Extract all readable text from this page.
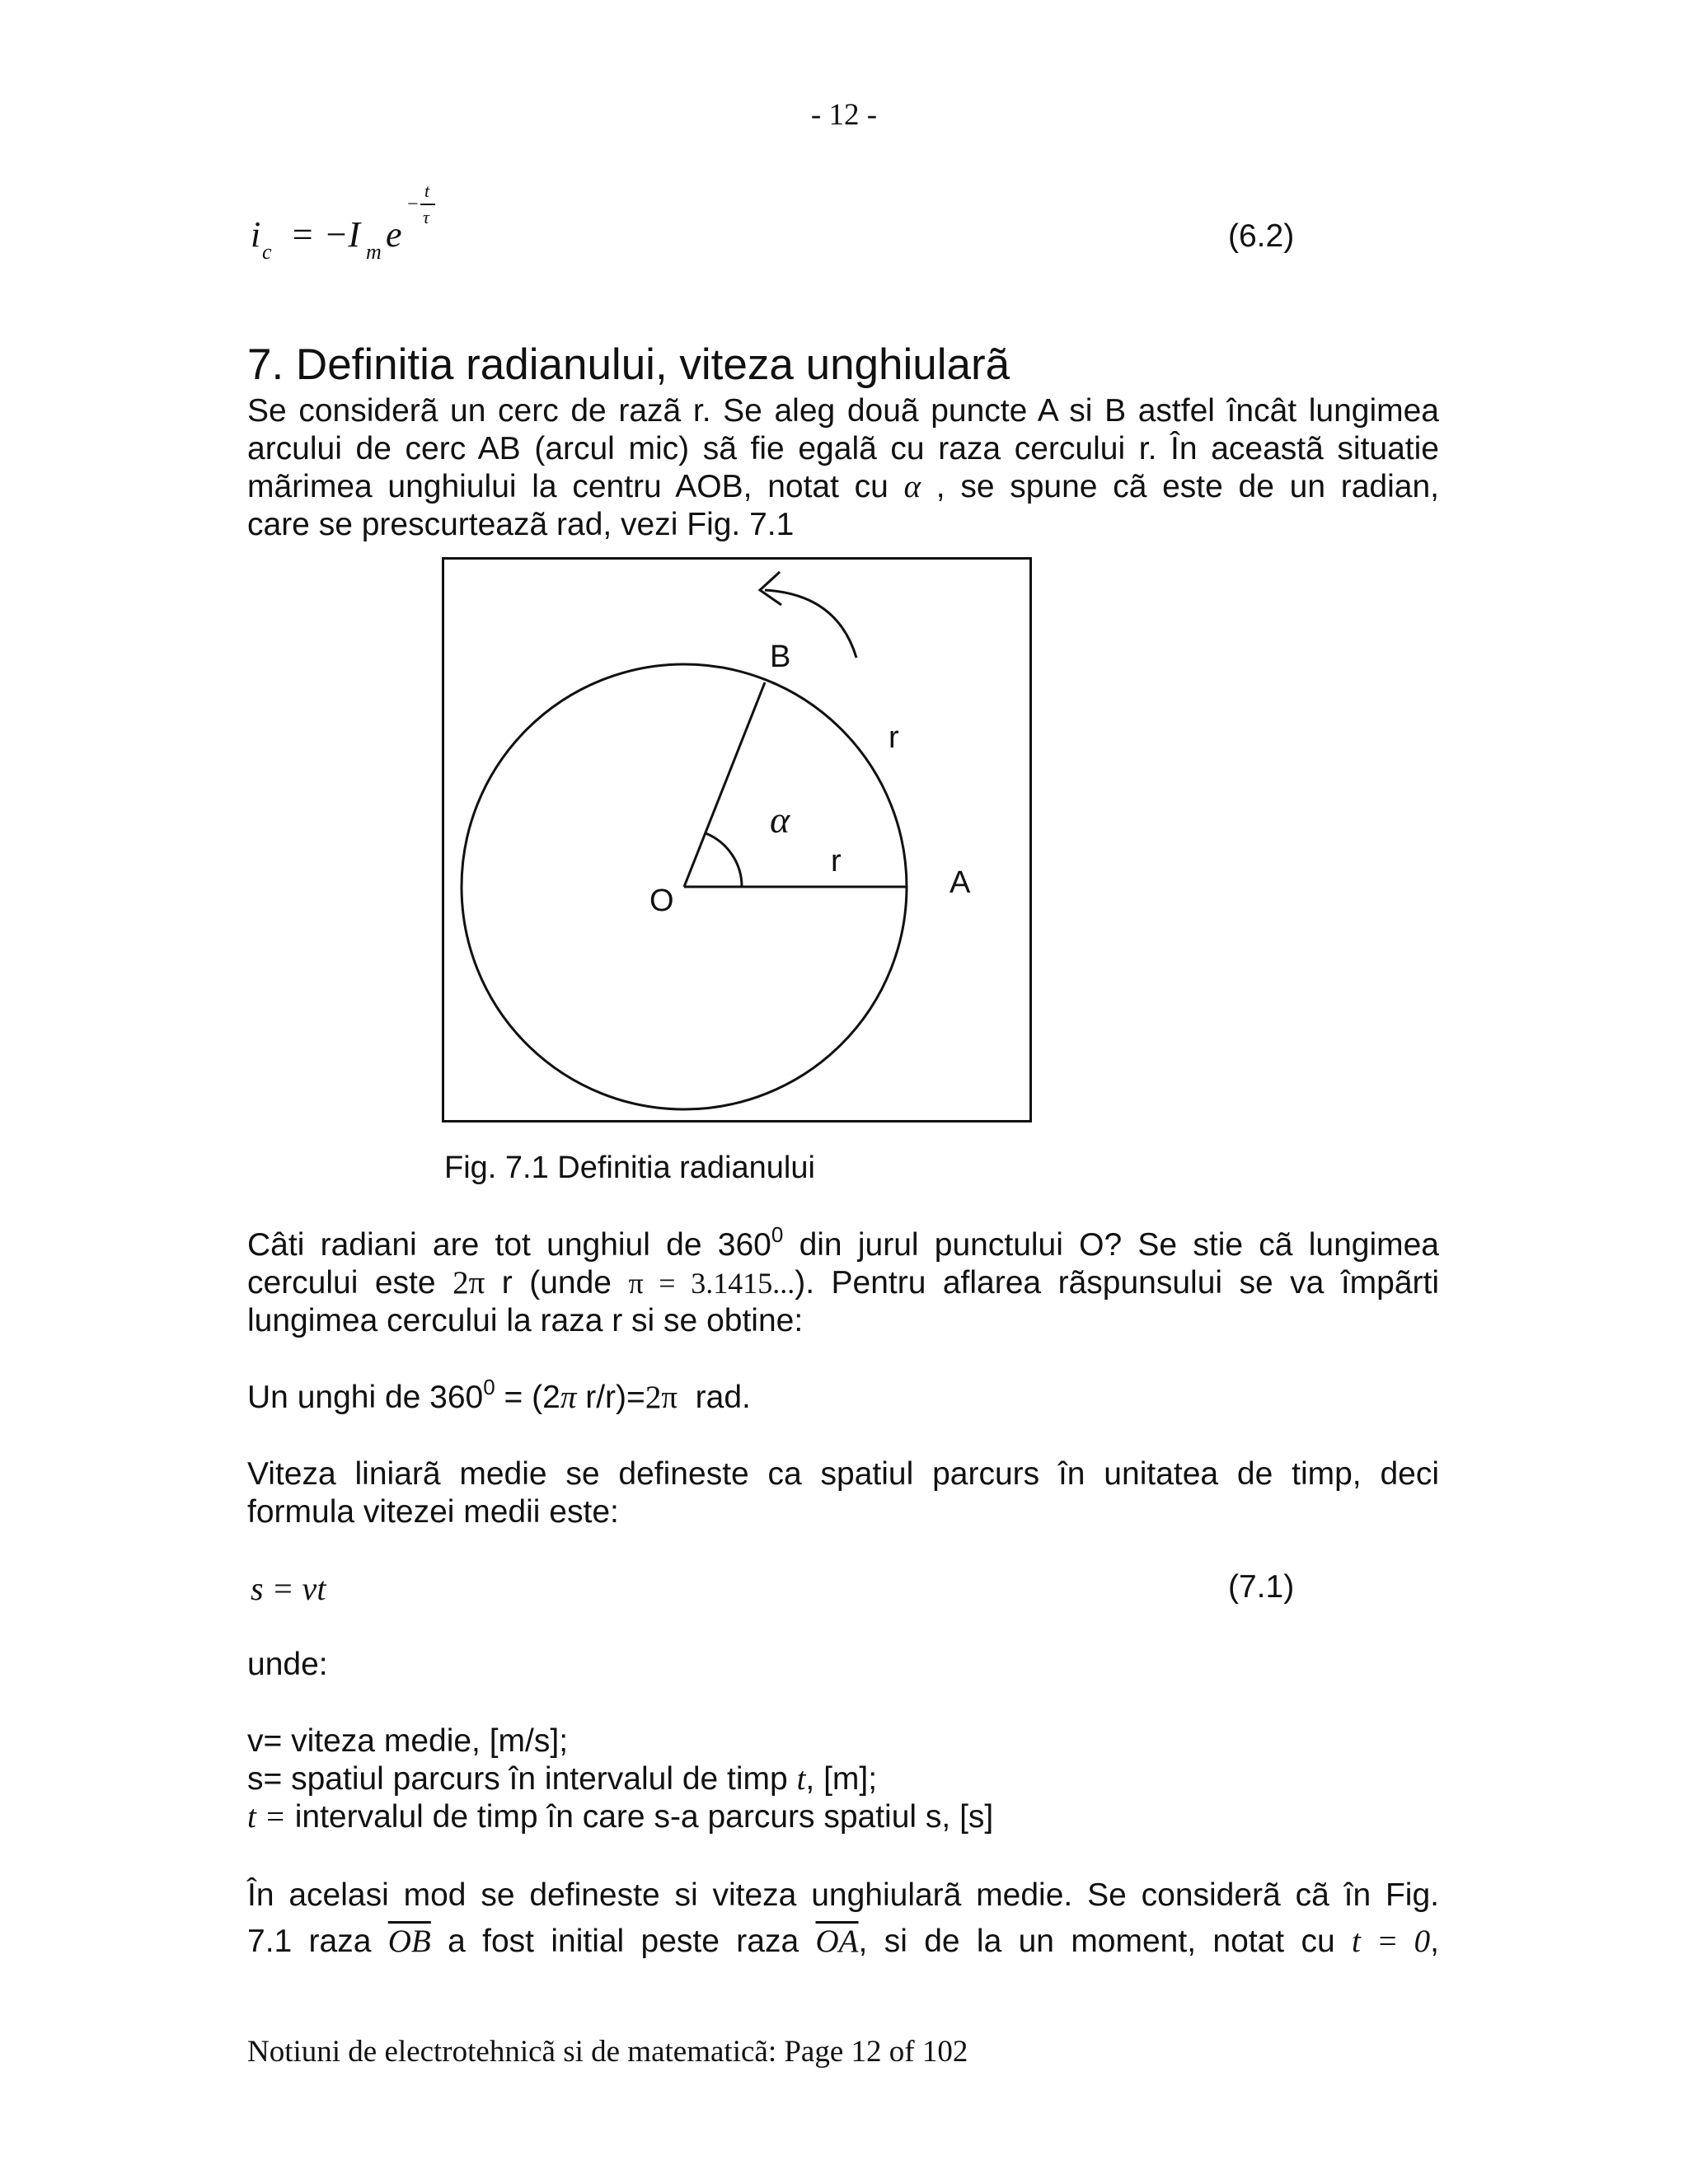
- 12 -
i c = −I m e
−
t
τ
(6.2)
7. Definitia radianului, viteza unghiularã
Se considerã un cerc de razã r. Se aleg douã puncte A si B astfel încât lungimea
arcului de cerc AB (arcul mic) sã fie egalã cu raza cercului r. În aceastã situatie
mãrimea unghiului la centru AOB, notat cu α , se spune cã este de un radian,
care se prescurteazã rad, vezi Fig. 7.1
B
r
α
r
A
O
Fig. 7.1 Definitia radianului
Câti radiani are tot unghiul de $360^0$ din jurul punctului O? Se stie cã lungimea
cercului este 2π r (unde π = 3.1415...). Pentru aflarea rãspunsului se va împãrti
lungimea cercului la raza r si se obtine:
Un unghi de $360^0 = (2\pi$ r/r)=2π  rad.
Viteza liniarã medie se defineste ca spatiul parcurs în unitatea de timp, deci
formula vitezei medii este:
s = vt	(7.1)
unde:
v= viteza medie, [m/s];
s= spatiul parcurs în intervalul de timp t, [m];
t = intervalul de timp în care s-a parcurs spatiul s, [s]
În acelasi mod se defineste si viteza unghiularã medie. Se considerã cã în Fig.
7.1 raza $\overline{OB}$ a fost initial peste raza $\overline{OA}$, si de la un moment, notat cu t = 0,
Notiuni de electrotehnicã si de matematicã: Page 12 of 102
